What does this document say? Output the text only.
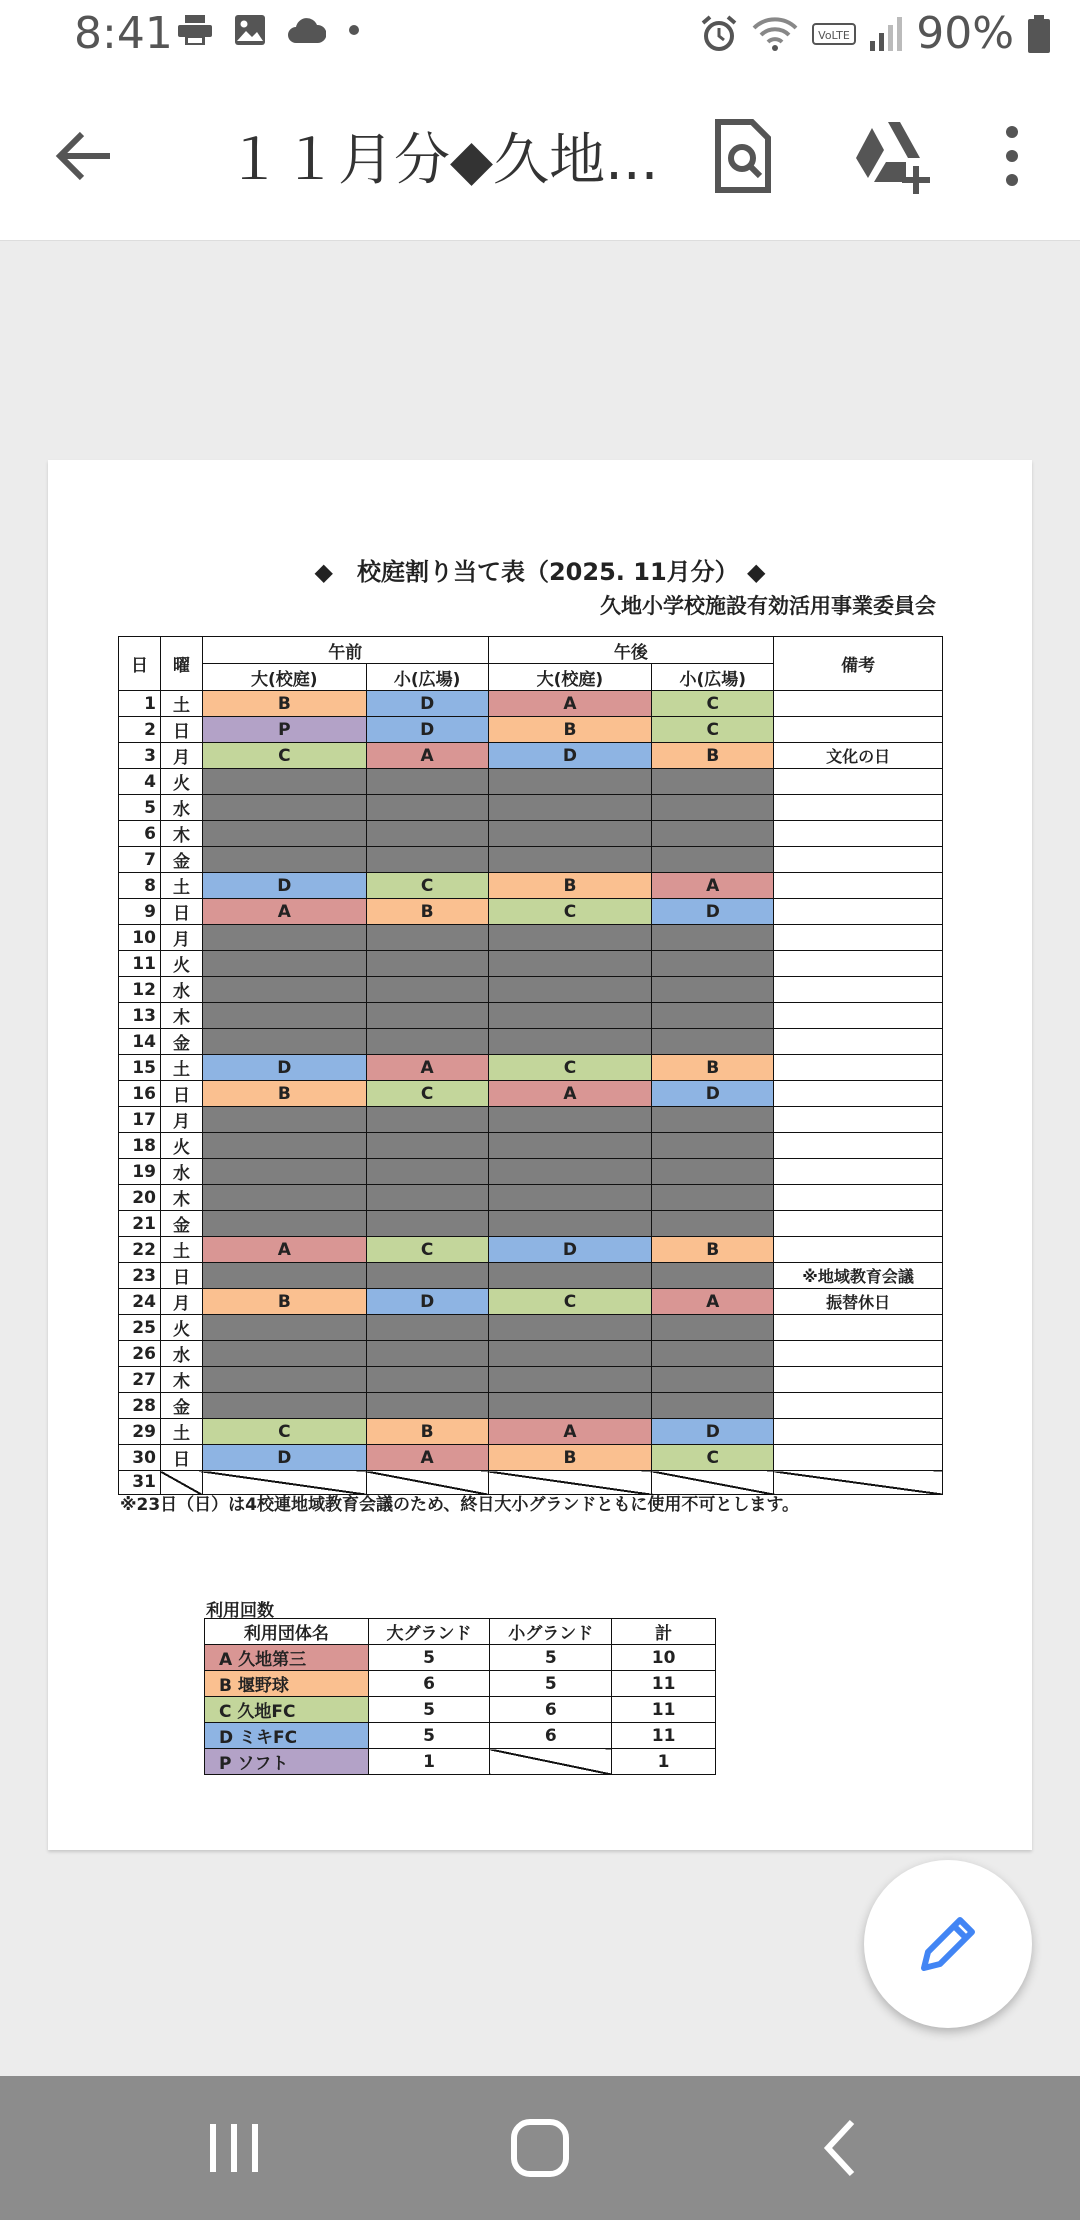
8:41	VoLTE 90%
１１月分◆久地...
◆　校庭割り当て表（2025. 11月分） ◆
久地小学校施設有効活用事業委員会
日	曜	午前		午後		備考
		大(校庭)	小(広場)	大(校庭)	小(広場)	
1	土	B	D	A	C	
2	日	P	D	B	C	
3	月	C	A	D	B	文化の日
4	火					
5	水					
6	木					
7	金					
8	土	D	C	B	A	
9	日	A	B	C	D	
10	月					
11	火					
12	水					
13	木					
14	金					
15	土	D	A	C	B	
16	日	B	C	A	D	
17	月					
18	火					
19	水					
20	木					
21	金					
22	土	A	C	D	B	
23	日					※地域教育会議
24	月	B	D	C	A	振替休日
25	火					
26	水					
27	木					
28	金					
29	土	C	B	A	D	
30	日	D	A	B	C	
31						
※23日（日）は4校連地域教育会議のため、終日大小グランドともに使用不可とします。
利用回数
利用団体名	大グランド	小グランド	計
A 久地第三	5	5	10
B 堰野球	6	5	11
C 久地FC	5	6	11
D ミキFC	5	6	11
P ソフト	1		1
